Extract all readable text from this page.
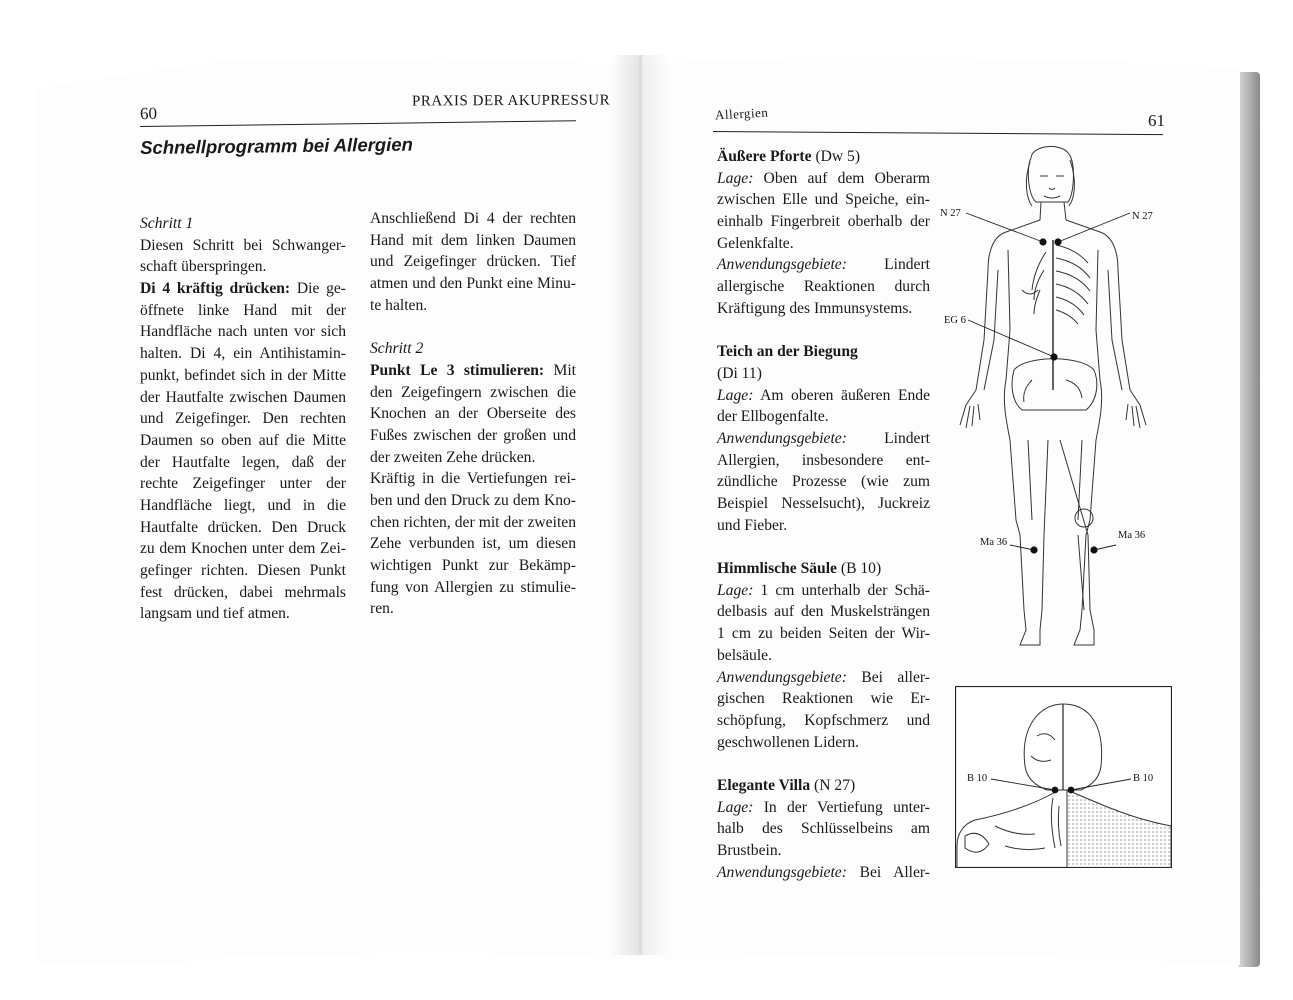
60
PRAXIS DER AKUPRESSUR
Schnellprogramm bei Allergien
Schritt 1
Diesen Schritt bei Schwanger-
schaft überspringen.
Di 4 kräftig drücken: Die ge-
öffnete linke Hand mit der
Handfläche nach unten vor sich
halten. Di 4, ein Antihistamin-
punkt, befindet sich in der Mitte
der Hautfalte zwischen Daumen
und Zeigefinger. Den rechten
Daumen so oben auf die Mitte
der Hautfalte legen, daß der
rechte Zeigefinger unter der
Handfläche liegt, und in die
Hautfalte drücken. Den Druck
zu dem Knochen unter dem Zei-
gefinger richten. Diesen Punkt
fest drücken, dabei mehrmals
langsam und tief atmen.
Anschließend Di 4 der rechten
Hand mit dem linken Daumen
und Zeigefinger drücken. Tief
atmen und den Punkt eine Minu-
te halten.
Schritt 2
Punkt Le 3 stimulieren: Mit
den Zeigefingern zwischen die
Knochen an der Oberseite des
Fußes zwischen der großen und
der zweiten Zehe drücken.
Kräftig in die Vertiefungen rei-
ben und den Druck zu dem Kno-
chen richten, der mit der zweiten
Zehe verbunden ist, um diesen
wichtigen Punkt zur Bekämp-
fung von Allergien zu stimulie-
ren.
Allergien	61
Äußere Pforte (Dw 5)
Lage: Oben auf dem Oberarm
zwischen Elle und Speiche, ein-
einhalb Fingerbreit oberhalb der
Gelenkfalte.
Anwendungsgebiete: Lindert
allergische Reaktionen durch
Kräftigung des Immunsystems.
Teich an der Biegung
(Di 11)
Lage: Am oberen äußeren Ende
der Ellbogenfalte.
Anwendungsgebiete: Lindert
Allergien, insbesondere ent-
zündliche Prozesse (wie zum
Beispiel Nesselsucht), Juckreiz
und Fieber.
Himmlische Säule (B 10)
Lage: 1 cm unterhalb der Schä-
delbasis auf den Muskelsträngen
1 cm zu beiden Seiten der Wir-
belsäule.
Anwendungsgebiete: Bei aller-
gischen Reaktionen wie Er-
schöpfung, Kopfschmerz und
geschwollenen Lidern.
Elegante Villa (N 27)
Lage: In der Vertiefung unter-
halb des Schlüsselbeins am
Brustbein.
Anwendungsgebiete: Bei Aller-
N 27	N 27
EG 6
Ma 36
Ma 36
B 10	B 10
